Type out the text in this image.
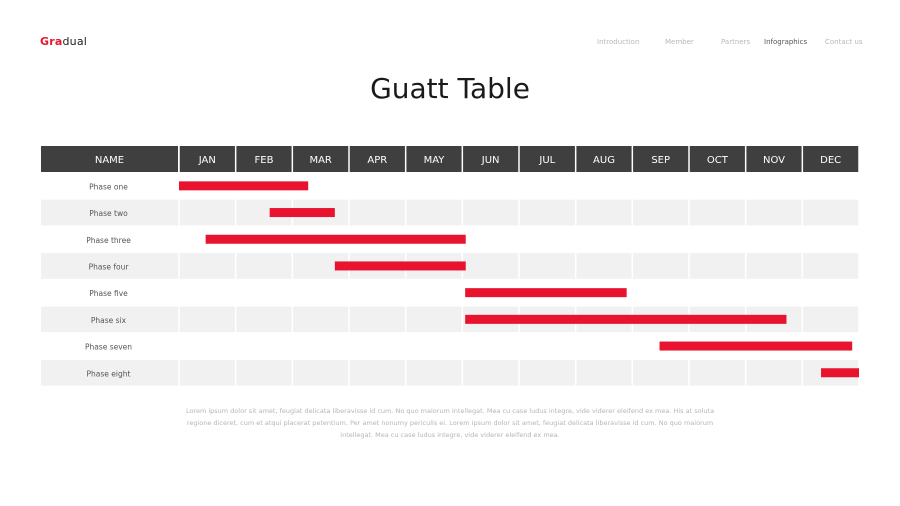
Gradual	Introduction	Member	Partners Infographics	Contact us
Guatt Table
NAME	JAN	FEB	MAR	APR	MAY	JUN	JUL	AUG	SEP	OCT	NOV	DEC
Phase one
Phase two
Phase three
Phase four
Phase five
Phase six
Phase seven
Phase eight
Lorem ipsum dolor sit amet, feugiat delicata liberavisse id cum. No quo maiorum intellegat. Mea cu case ludus integre, vide viderer eleifend ex mea. His at soluta regione diceret, cum et atqui placerat petentium. Per amet nonumy periculis ei. Lorem ipsum dolor sit amet, feugiat delicata liberavisse id cum. No quo maiorum intellegat. Mea cu case ludus integre, vide viderer eleifend ex mea.
